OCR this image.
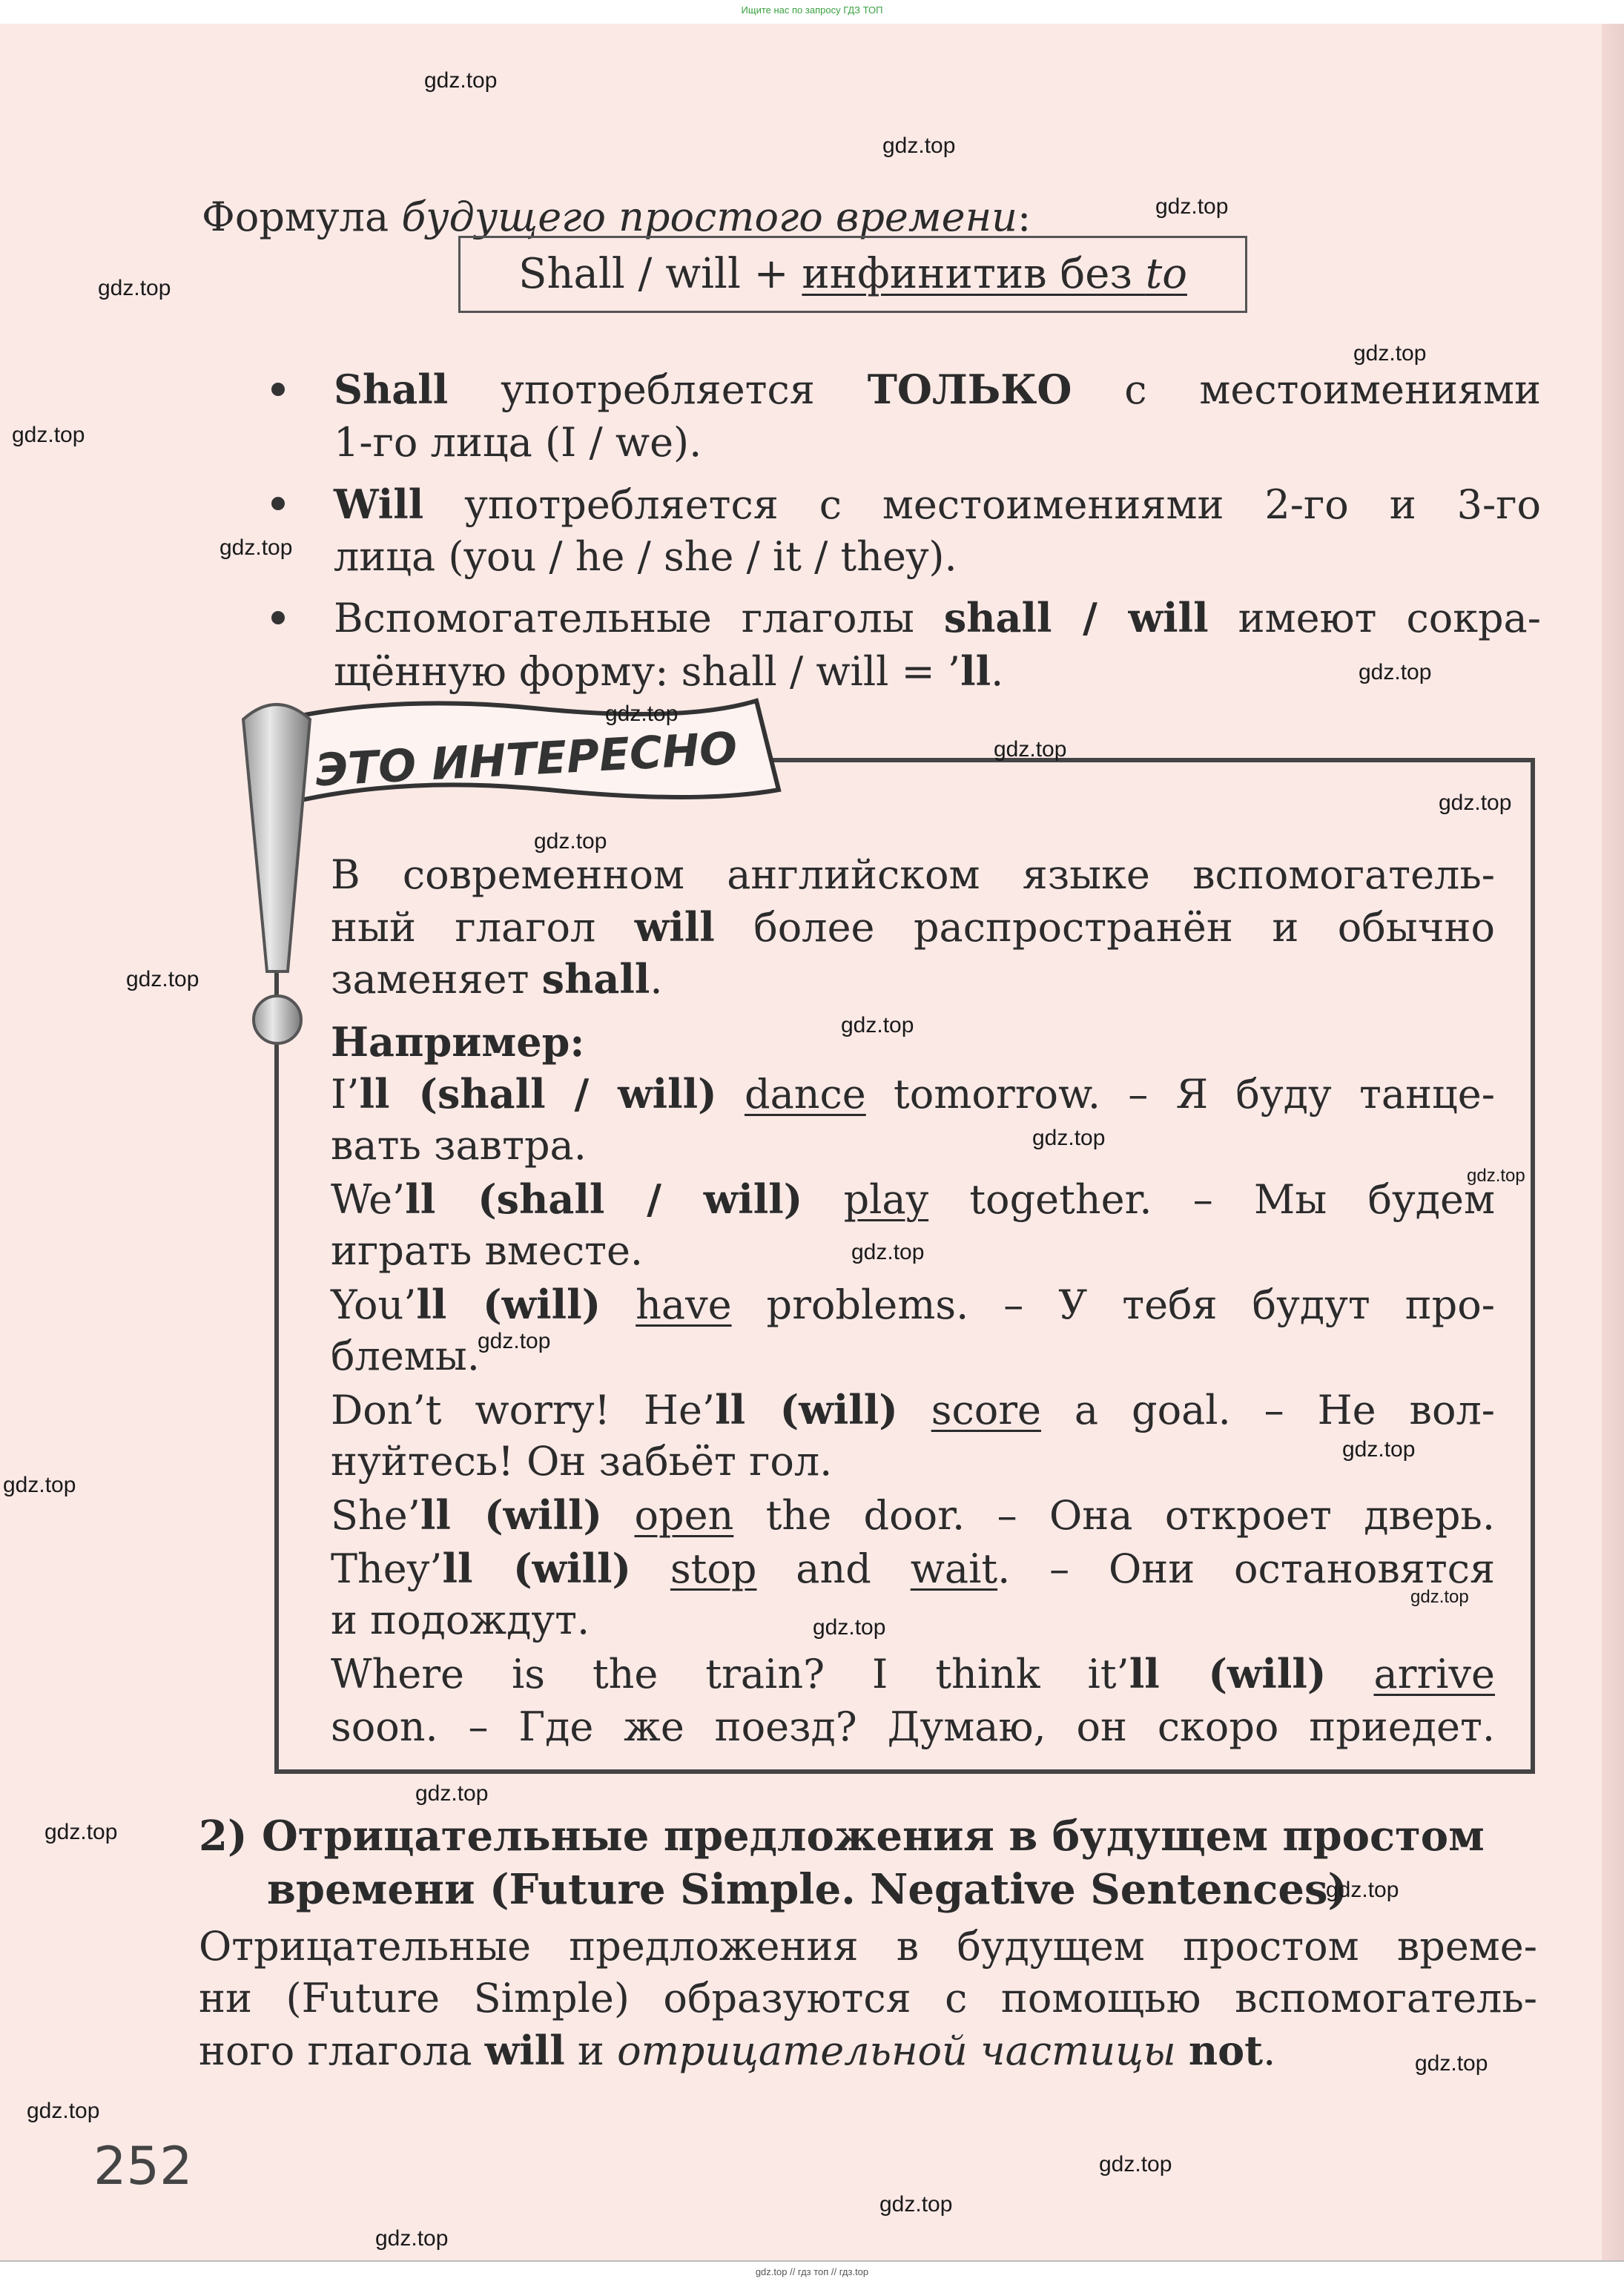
Ищите нас по запросу ГДЗ ТОП
Формула будущего простого времени:
Shall / will + инфинитив без to
Shall употребляется ТОЛЬКО с местоимениями
1-го лица (I / we).
Will употребляется с местоимениями 2-го и 3-го
лица (you / he / she / it / they).
Вспомогательные глаголы shall / will имеют сокра-
щённую форму: shall / will = ’ll.
ЭТО ИНТЕРЕСНО
В современном английском языке вспомогатель-
ный глагол will более распространён и обычно
заменяет shall.
Например:
I’ll (shall / will) dance tomorrow. – Я буду танце-
вать завтра.
We’ll (shall / will) play together. – Мы будем
играть вместе.
You’ll (will) have problems. – У тебя будут про-
блемы.
Don’t worry! He’ll (will) score a goal. – Не вол-
нуйтесь! Он забьёт гол.
She’ll (will) open the door. – Она откроет дверь.
They’ll (will) stop and wait. – Они остановятся
и подождут.
Where is the train? I think it’ll (will) arrive
soon. – Где же поезд? Думаю, он скоро приедет.
2) Отрицательные предложения в будущем простом
времени (Future Simple. Negative Sentences)
Отрицательные предложения в будущем простом време-
ни (Future Simple) образуются с помощью вспомогатель-
ного глагола will и отрицательной частицы not.
252
gdz.top
gdz.top
gdz.top
gdz.top
gdz.top
gdz.top
gdz.top
gdz.top
gdz.top
gdz.top
gdz.top
gdz.top
gdz.top
gdz.top
gdz.top
gdz.top
gdz.top
gdz.top
gdz.top
gdz.top
gdz.top
gdz.top
gdz.top
gdz.top
gdz.top
gdz.top
gdz.top
gdz.top
gdz.top
gdz.top
gdz.top // гдз топ // гдз.top
